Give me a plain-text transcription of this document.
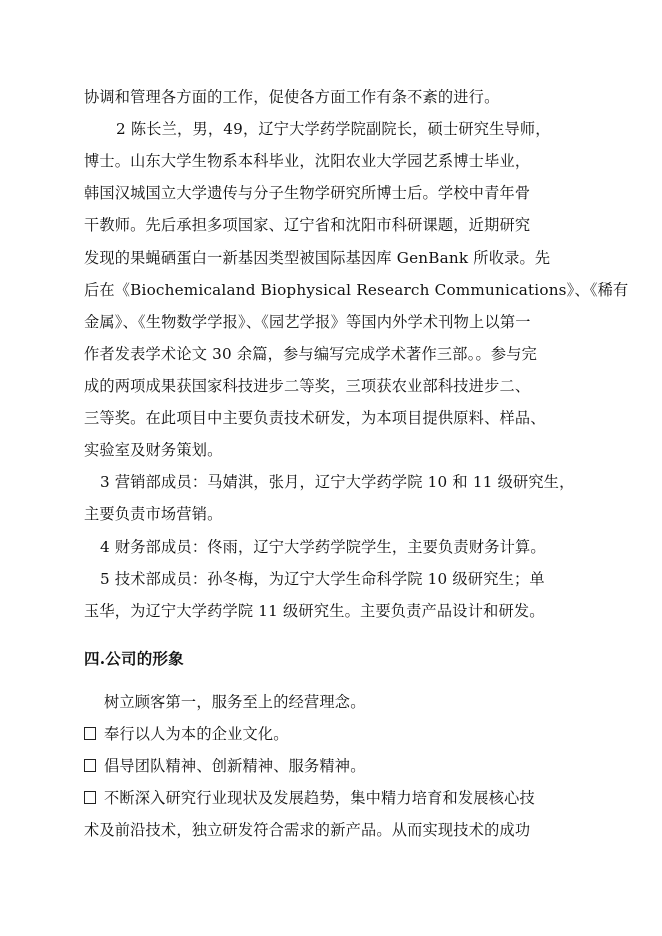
协调和管理各方面的工作，促使各方面工作有条不紊的进行。
2 陈长兰，男，49，辽宁大学药学院副院长，硕士研究生导师，
博士。山东大学生物系本科毕业，沈阳农业大学园艺系博士毕业，
韩国汉城国立大学遗传与分子生物学研究所博士后。学校中青年骨
干教师。先后承担多项国家、辽宁省和沈阳市科研课题，近期研究
发现的果蝇硒蛋白一新基因类型被国际基因库 GenBank 所收录。先
后在《Biochemicaland Biophysical Research Communications》、《稀有
金属》、《生物数学学报》、《园艺学报》等国内外学术刊物上以第一
作者发表学术论文 30 余篇，参与编写完成学术著作三部。。参与完
成的两项成果获国家科技进步二等奖，三项获农业部科技进步二、
三等奖。在此项目中主要负责技术研发，为本项目提供原料、样品、
实验室及财务策划。
3 营销部成员：马婧淇，张月，辽宁大学药学院 10 和 11 级研究生，
主要负责市场营销。
4 财务部成员：佟雨，辽宁大学药学院学生，主要负责财务计算。
5 技术部成员：孙冬梅，为辽宁大学生命科学院 10 级研究生；单
玉华，为辽宁大学药学院 11 级研究生。主要负责产品设计和研发。
四.公司的形象
树立顾客第一，服务至上的经营理念。
奉行以人为本的企业文化。
倡导团队精神、创新精神、服务精神。
不断深入研究行业现状及发展趋势，集中精力培育和发展核心技
术及前沿技术，独立研发符合需求的新产品。从而实现技术的成功
